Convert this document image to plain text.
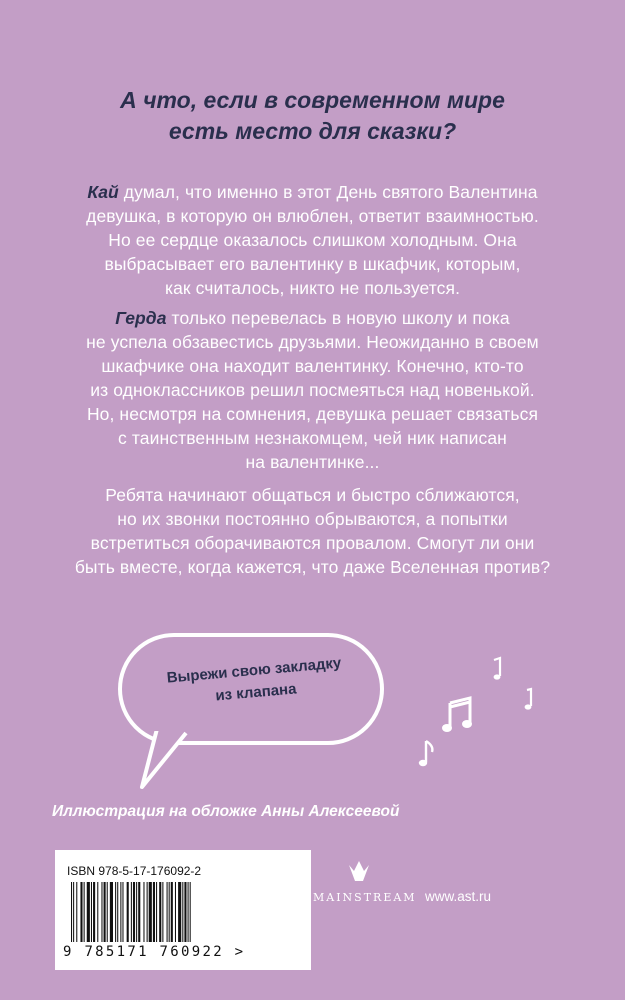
А что, если в современном мире
есть место для сказки?
Кай думал, что именно в этот День святого Валентина
девушка, в которую он влюблен, ответит взаимностью.
Но ее сердце оказалось слишком холодным. Она
выбрасывает его валентинку в шкафчик, которым,
как считалось, никто не пользуется.
Герда только перевелась в новую школу и пока
не успела обзавестись друзьями. Неожиданно в своем
шкафчике она находит валентинку. Конечно, кто-то
из одноклассников решил посмеяться над новенькой.
Но, несмотря на сомнения, девушка решает связаться
с таинственным незнакомцем, чей ник написан
на валентинке...
Ребята начинают общаться и быстро сближаются,
но их звонки постоянно обрываются, а попытки
встретиться оборачиваются провалом. Смогут ли они
быть вместе, когда кажется, что даже Вселенная против?
Вырежи свою закладку
из клапана
Иллюстрация на обложке Анны Алексеевой
ISBN 978-5-17-176092-2
9 785171 760922 >
MAINSTREAM www.ast.ru
